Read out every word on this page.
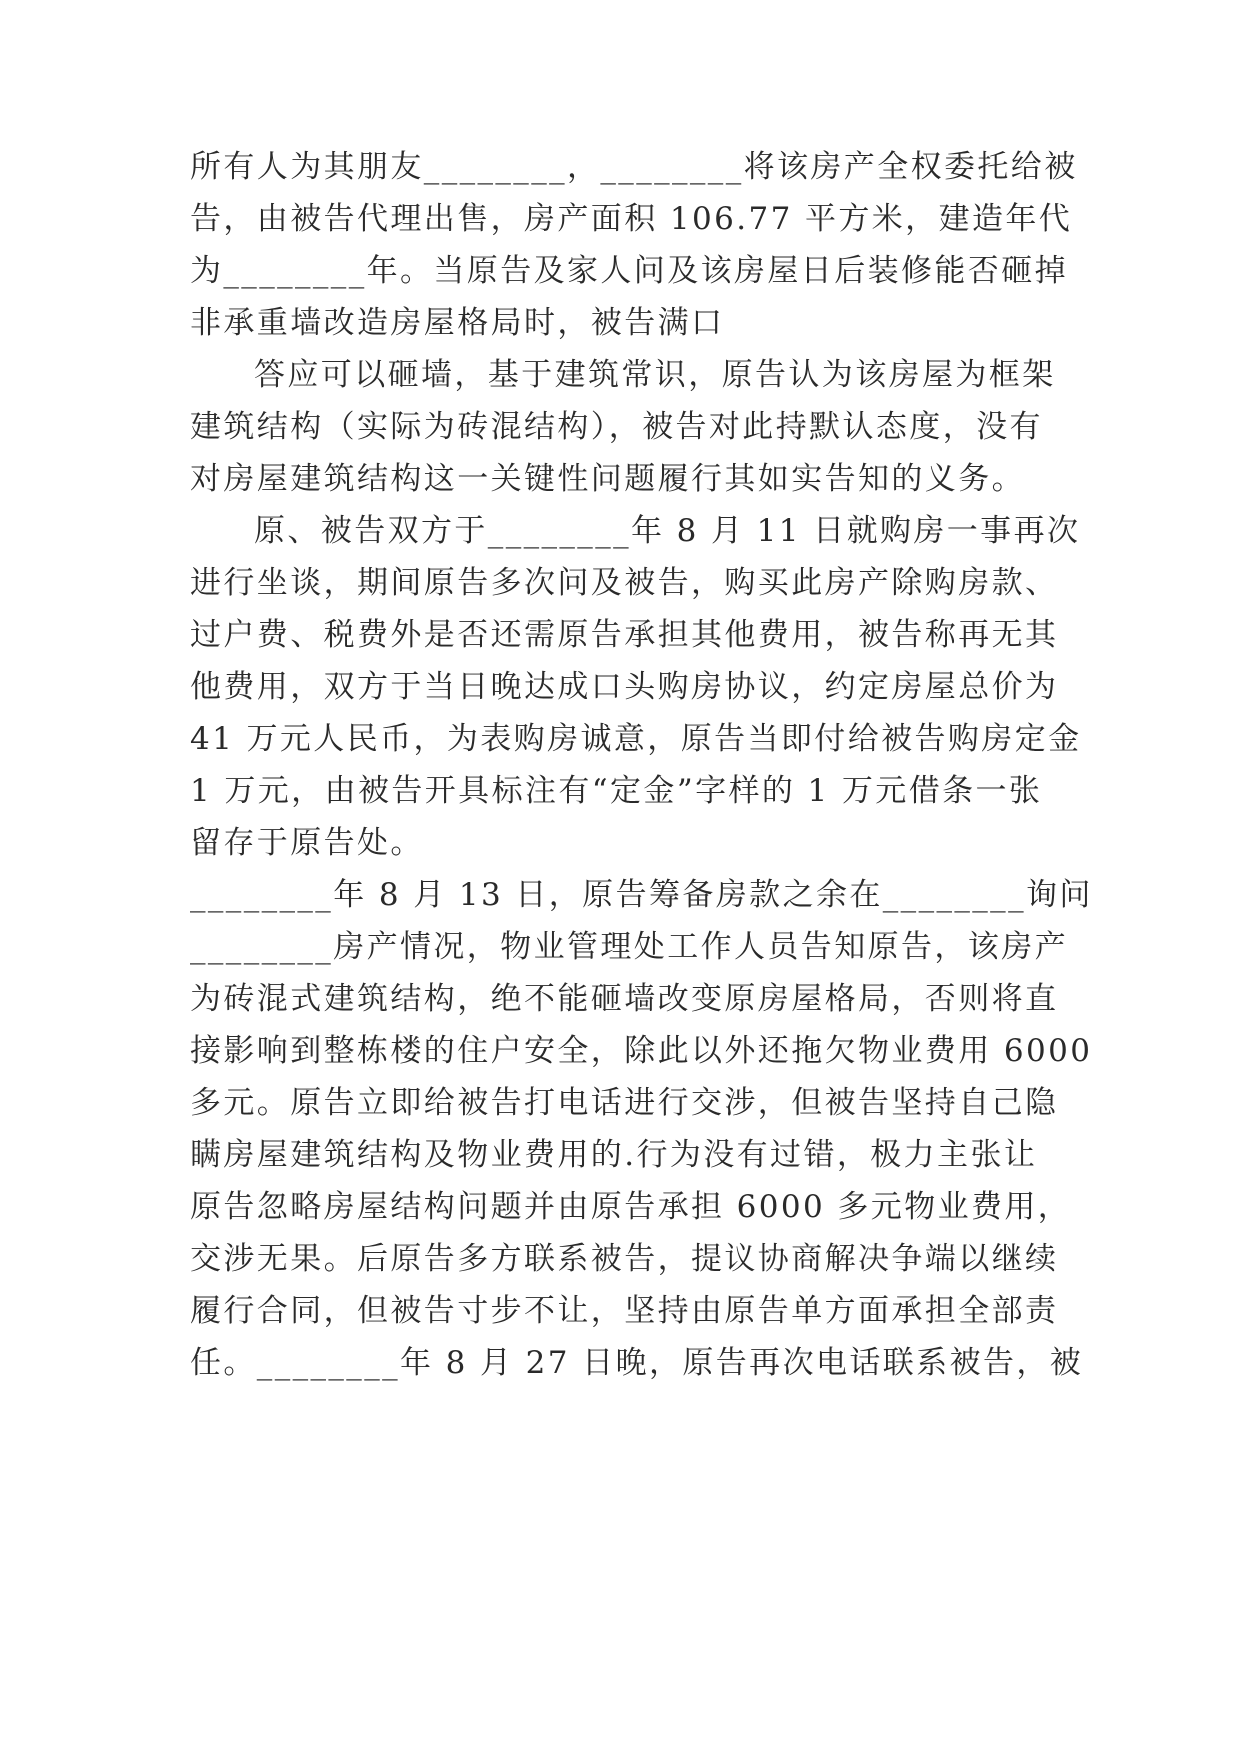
所有人为其朋友________，________将该房产全权委托给被
告，由被告代理出售，房产面积 106.77 平方米，建造年代
为________年。当原告及家人问及该房屋日后装修能否砸掉
非承重墙改造房屋格局时，被告满口
答应可以砸墙，基于建筑常识，原告认为该房屋为框架
建筑结构（实际为砖混结构），被告对此持默认态度，没有
对房屋建筑结构这一关键性问题履行其如实告知的义务。
原、被告双方于________年 8 月 11 日就购房一事再次
进行坐谈，期间原告多次问及被告，购买此房产除购房款、
过户费、税费外是否还需原告承担其他费用，被告称再无其
他费用，双方于当日晚达成口头购房协议，约定房屋总价为
41 万元人民币，为表购房诚意，原告当即付给被告购房定金
1 万元，由被告开具标注有“定金”字样的 1 万元借条一张
留存于原告处。
________年 8 月 13 日，原告筹备房款之余在________询问
________房产情况，物业管理处工作人员告知原告，该房产
为砖混式建筑结构，绝不能砸墙改变原房屋格局，否则将直
接影响到整栋楼的住户安全，除此以外还拖欠物业费用 6000
多元。原告立即给被告打电话进行交涉，但被告坚持自己隐
瞒房屋建筑结构及物业费用的.行为没有过错，极力主张让
原告忽略房屋结构问题并由原告承担 6000 多元物业费用，
交涉无果。后原告多方联系被告，提议协商解决争端以继续
履行合同，但被告寸步不让，坚持由原告单方面承担全部责
任。________年 8 月 27 日晚，原告再次电话联系被告，被
